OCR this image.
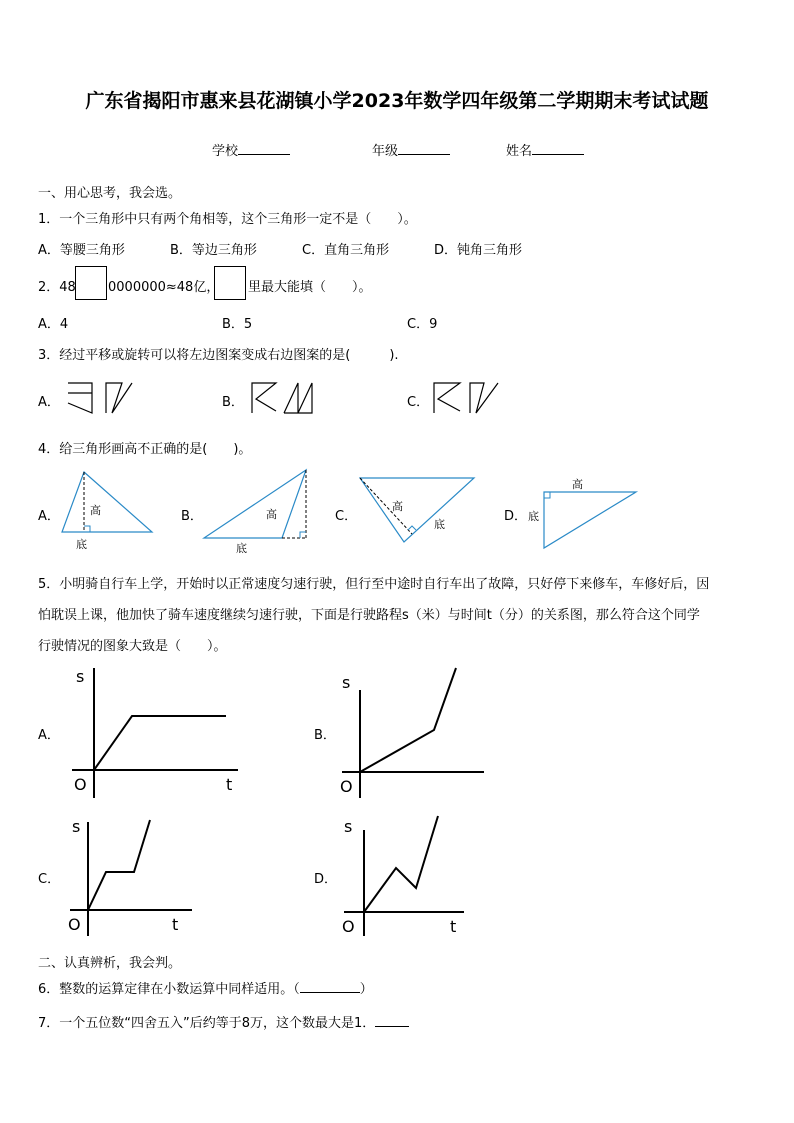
广东省揭阳市惠来县花湖镇小学2023年数学四年级第二学期期末考试试题
学校	年级	姓名
一、用心思考，我会选。
1．一个三角形中只有两个角相等，这个三角形一定不是（　　）。
A．等腰三角形	B．等边三角形	C．直角三角形	D．钝角三角形
2．48 0000000≈48亿， 里最大能填（　　）。
A．4	B．5	C．9
3．经过平移或旋转可以将左边图案变成右边图案的是(　　　).
A．	B．	C．
4．给三角形画高不正确的是(　　)。
A．	高
底
B．	高
底
C．
高
底
D．
高
底
5．小明骑自行车上学，开始时以正常速度匀速行驶，但行至中途时自行车出了故障，只好停下来修车，车修好后，因
怕耽误上课，他加快了骑车速度继续匀速行驶，下面是行驶路程s（米）与时间t（分）的关系图，那么符合这个同学
行驶情况的图象大致是（　　）。
A．
s
t
O
B．
s
O
C．
s
t
O
D．
s
t
O
二、认真辨析，我会判。
6．整数的运算定律在小数运算中同样适用。（	）
7．一个五位数“四舍五入”后约等于8万，这个数最大是1．
